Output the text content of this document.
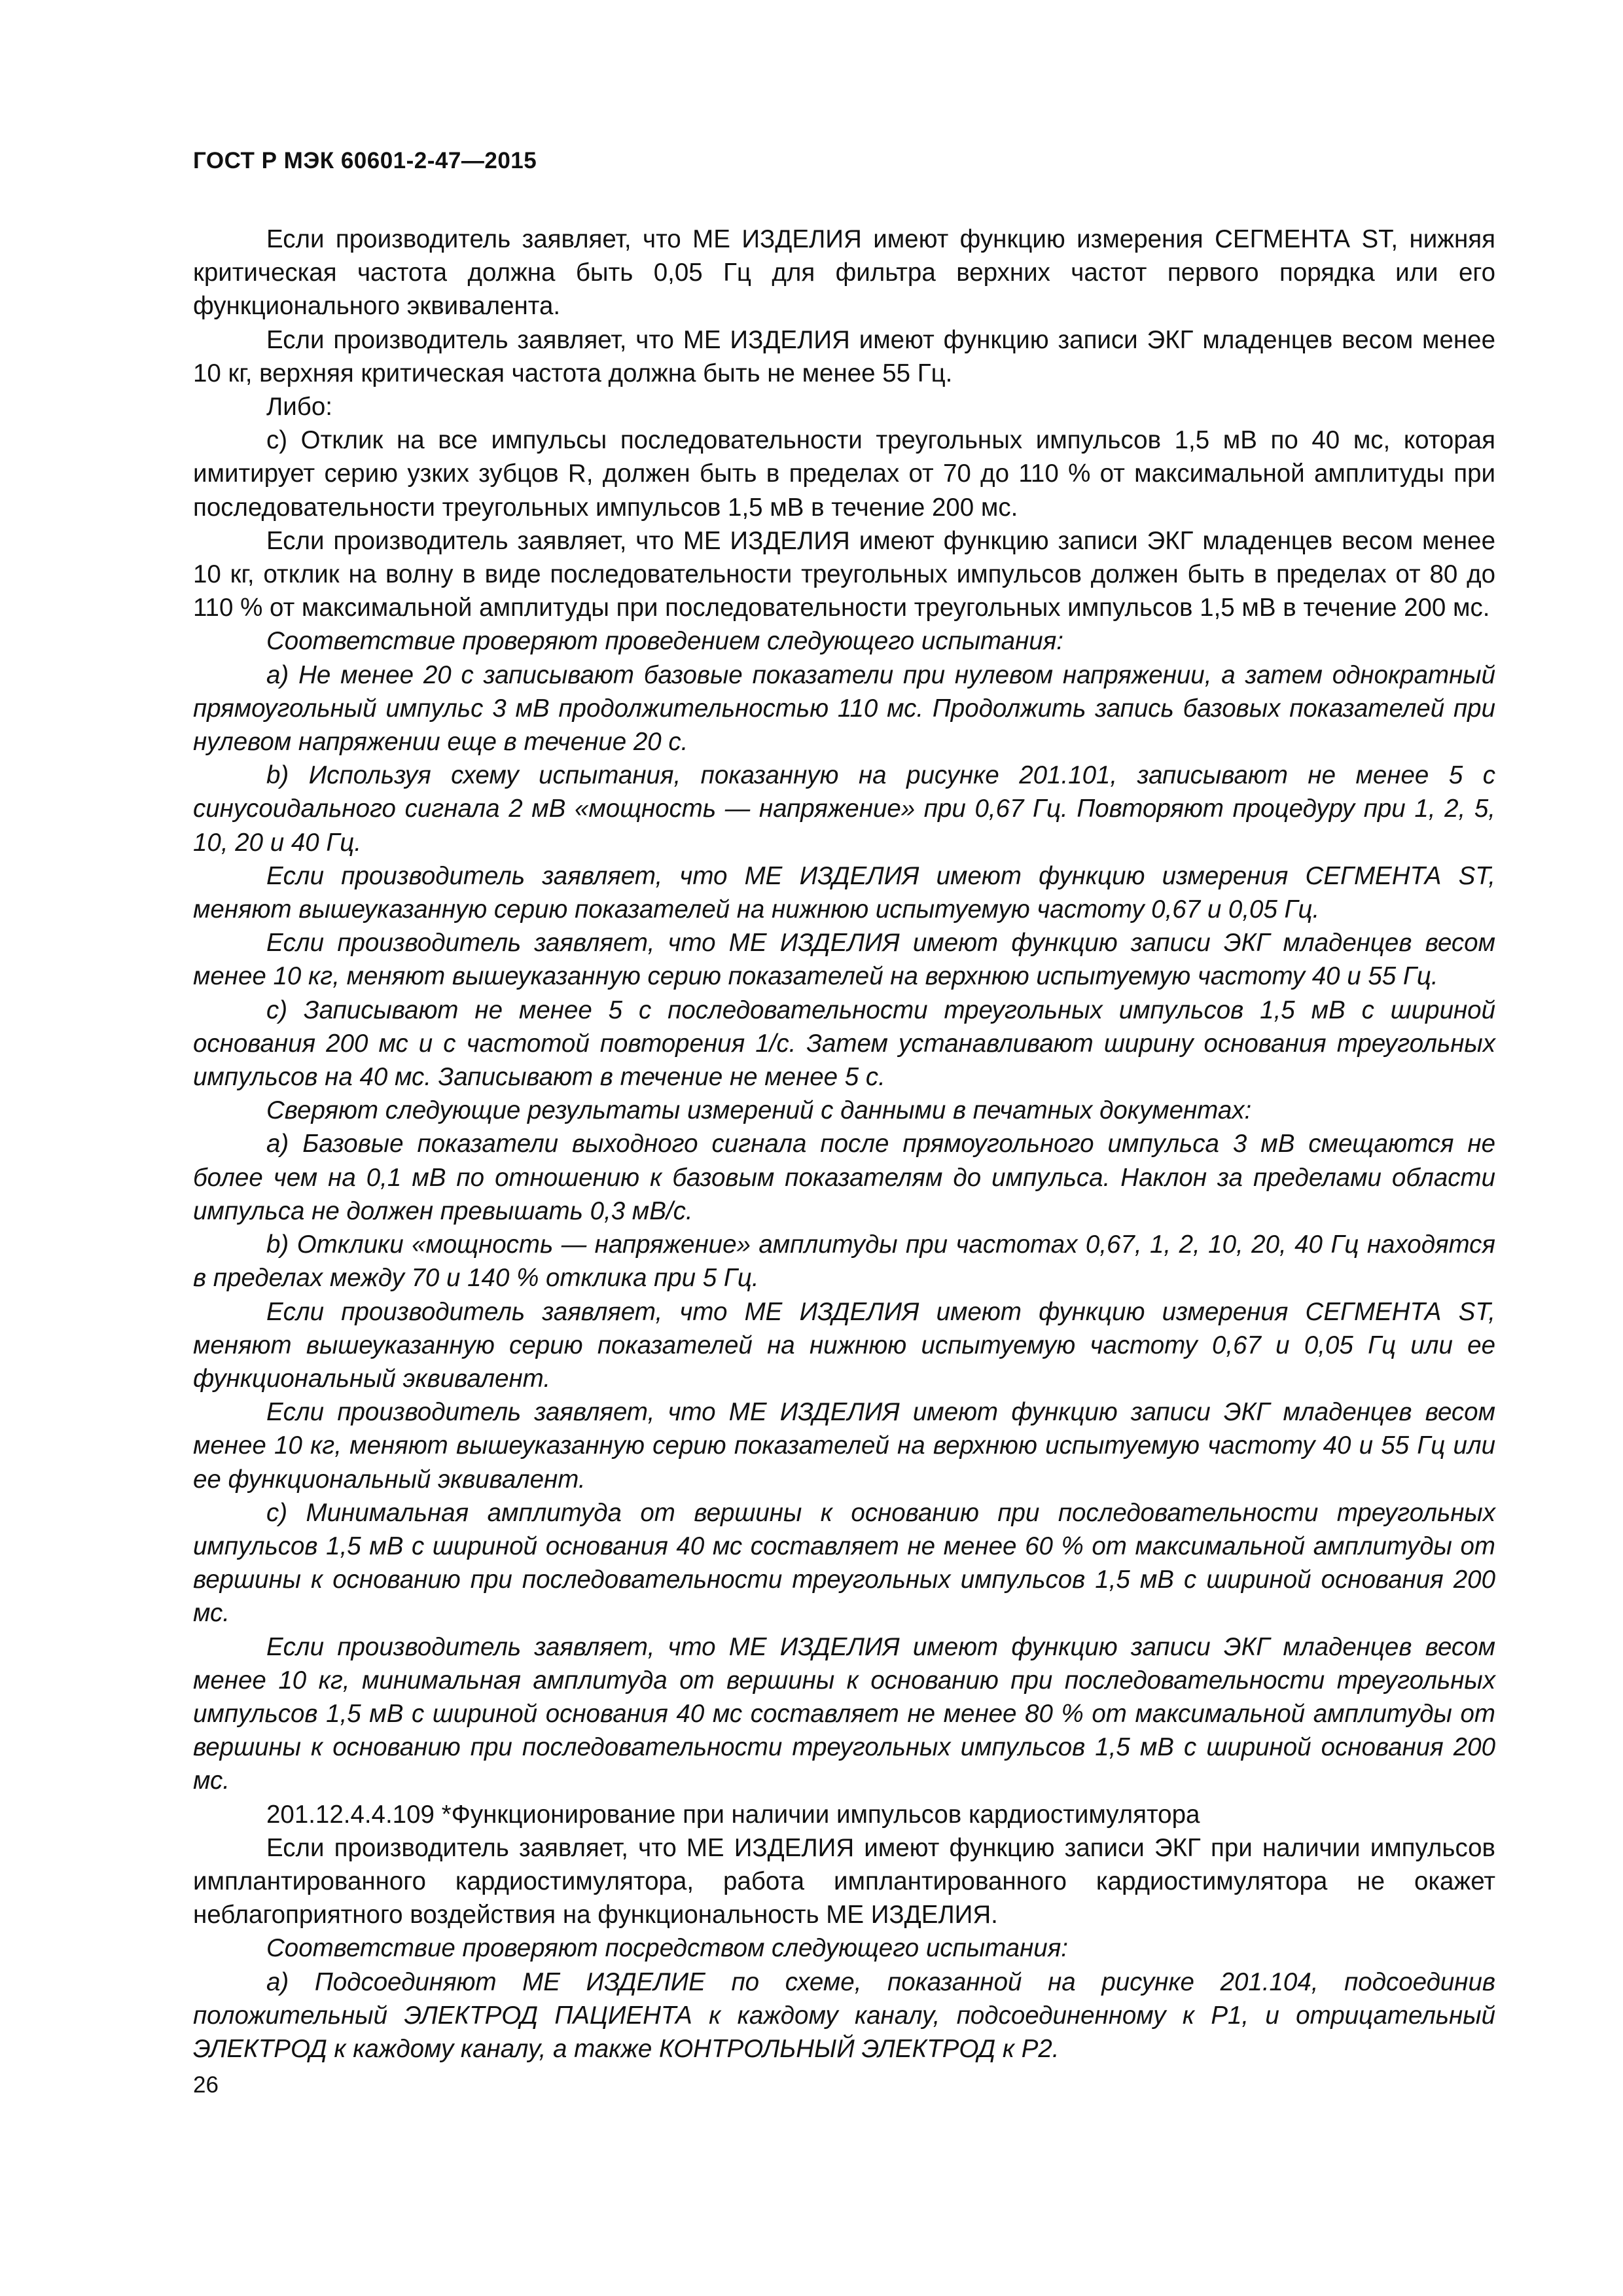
ГОСТ Р МЭК 60601-2-47—2015

Если производитель заявляет, что МЕ ИЗДЕЛИЯ имеют функцию измерения СЕГМЕНТА ST, нижняя критическая частота должна быть 0,05 Гц для фильтра верхних частот первого порядка или его функционального эквивалента.

Если производитель заявляет, что МЕ ИЗДЕЛИЯ имеют функцию записи ЭКГ младенцев весом менее 10 кг, верхняя критическая частота должна быть не менее 55 Гц.

Либо:

c) Отклик на все импульсы последовательности треугольных импульсов 1,5 мВ по 40 мс, которая имитирует серию узких зубцов R, должен быть в пределах от 70 до 110 % от максимальной амплитуды при последовательности треугольных импульсов 1,5 мВ в течение 200 мс.

Если производитель заявляет, что МЕ ИЗДЕЛИЯ имеют функцию записи ЭКГ младенцев весом менее 10 кг, отклик на волну в виде последовательности треугольных импульсов должен быть в пределах от 80 до 110 % от максимальной амплитуды при последовательности треугольных импульсов 1,5 мВ в течение 200 мс.

Соответствие проверяют проведением следующего испытания:

a) Не менее 20 с записывают базовые показатели при нулевом напряжении, а затем однократный прямоугольный импульс 3 мВ продолжительностью 110 мс. Продолжить запись базовых показателей при нулевом напряжении еще в течение 20 с.

b) Используя схему испытания, показанную на рисунке 201.101, записывают не менее 5 с синусоидального сигнала 2 мВ «мощность — напряжение» при 0,67 Гц. Повторяют процедуру при 1, 2, 5, 10, 20 и 40 Гц.

Если производитель заявляет, что МЕ ИЗДЕЛИЯ имеют функцию измерения СЕГМЕНТА ST, меняют вышеуказанную серию показателей на нижнюю испытуемую частоту 0,67 и 0,05 Гц.

Если производитель заявляет, что МЕ ИЗДЕЛИЯ имеют функцию записи ЭКГ младенцев весом менее 10 кг, меняют вышеуказанную серию показателей на верхнюю испытуемую частоту 40 и 55 Гц.

c) Записывают не менее 5 с последовательности треугольных импульсов 1,5 мВ с шириной основания 200 мс и с частотой повторения 1/с. Затем устанавливают ширину основания треугольных импульсов на 40 мс. Записывают в течение не менее 5 с.

Сверяют следующие результаты измерений с данными в печатных документах:

a) Базовые показатели выходного сигнала после прямоугольного импульса 3 мВ смещаются не более чем на 0,1 мВ по отношению к базовым показателям до импульса. Наклон за пределами области импульса не должен превышать 0,3 мВ/с.

b) Отклики «мощность — напряжение» амплитуды при частотах 0,67, 1, 2, 10, 20, 40 Гц находятся в пределах между 70 и 140 % отклика при 5 Гц.

Если производитель заявляет, что МЕ ИЗДЕЛИЯ имеют функцию измерения СЕГМЕНТА ST, меняют вышеуказанную серию показателей на нижнюю испытуемую частоту 0,67 и 0,05 Гц или ее функциональный эквивалент.

Если производитель заявляет, что МЕ ИЗДЕЛИЯ имеют функцию записи ЭКГ младенцев весом менее 10 кг, меняют вышеуказанную серию показателей на верхнюю испытуемую частоту 40 и 55 Гц или ее функциональный эквивалент.

c) Минимальная амплитуда от вершины к основанию при последовательности треугольных импульсов 1,5 мВ с шириной основания 40 мс составляет не менее 60 % от максимальной амплитуды от вершины к основанию при последовательности треугольных импульсов 1,5 мВ с шириной основания 200 мс.

Если производитель заявляет, что МЕ ИЗДЕЛИЯ имеют функцию записи ЭКГ младенцев весом менее 10 кг, минимальная амплитуда от вершины к основанию при последовательности треугольных импульсов 1,5 мВ с шириной основания 40 мс составляет не менее 80 % от максимальной амплитуды от вершины к основанию при последовательности треугольных импульсов 1,5 мВ с шириной основания 200 мс.

201.12.4.4.109 *Функционирование при наличии импульсов кардиостимулятора

Если производитель заявляет, что МЕ ИЗДЕЛИЯ имеют функцию записи ЭКГ при наличии импульсов имплантированного кардиостимулятора, работа имплантированного кардиостимулятора не окажет неблагоприятного воздействия на функциональность МЕ ИЗДЕЛИЯ.

Соответствие проверяют посредством следующего испытания:

a) Подсоединяют МЕ ИЗДЕЛИЕ по схеме, показанной на рисунке 201.104, подсоединив положительный ЭЛЕКТРОД ПАЦИЕНТА к каждому каналу, подсоединенному к Р1, и отрицательный ЭЛЕКТРОД к каждому каналу, а также КОНТРОЛЬНЫЙ ЭЛЕКТРОД к Р2.

26
